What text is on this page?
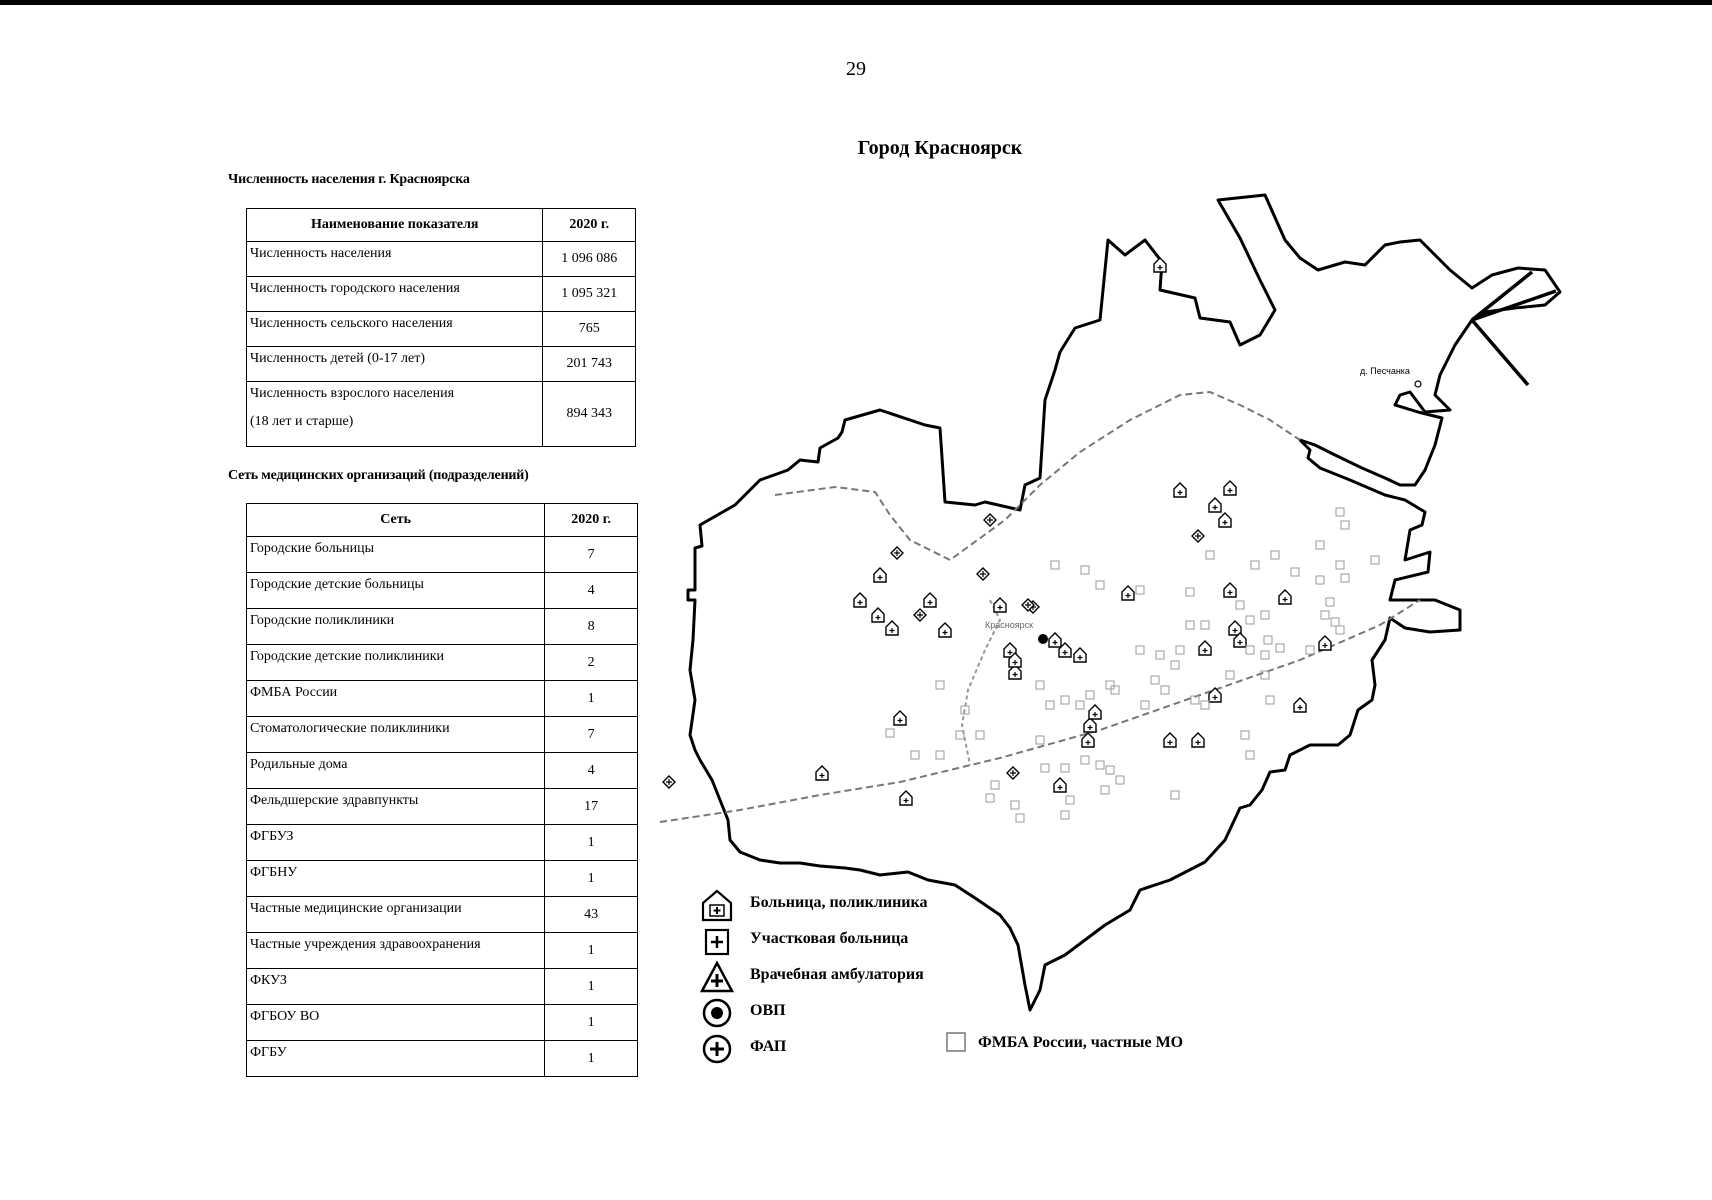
29
Город Красноярск
Численность населения г. Красноярска
Наименование показателя	2020 г.
Численность населения	1 096 086
Численность городского населения	1 095 321
Численность сельского населения	765
Численность детей (0-17 лет)	201 743

Численность взрослого населения
(18 лет и старше)	894 343
Сеть медицинских организаций (подразделений)
Сеть	2020 г.
Городские больницы	7
Городские детские больницы	4
Городские поликлиники	8
Городские детские поликлиники	2
ФМБА России	1
Стоматологические поликлиники	7
Родильные дома	4
Фельдшерские здравпункты	17
ФГБУЗ	1
ФГБНУ	1
Частные медицинские организации	43
Частные учреждения здравоохранения	1
ФКУЗ	1
ФГБОУ ВО	1
ФГБУ	1
д. Песчанка
Красноярск
Больница, поликлиника
Участковая больница
Врачебная амбулатория
ОВП
ФАП	ФМБА России, частные МО
